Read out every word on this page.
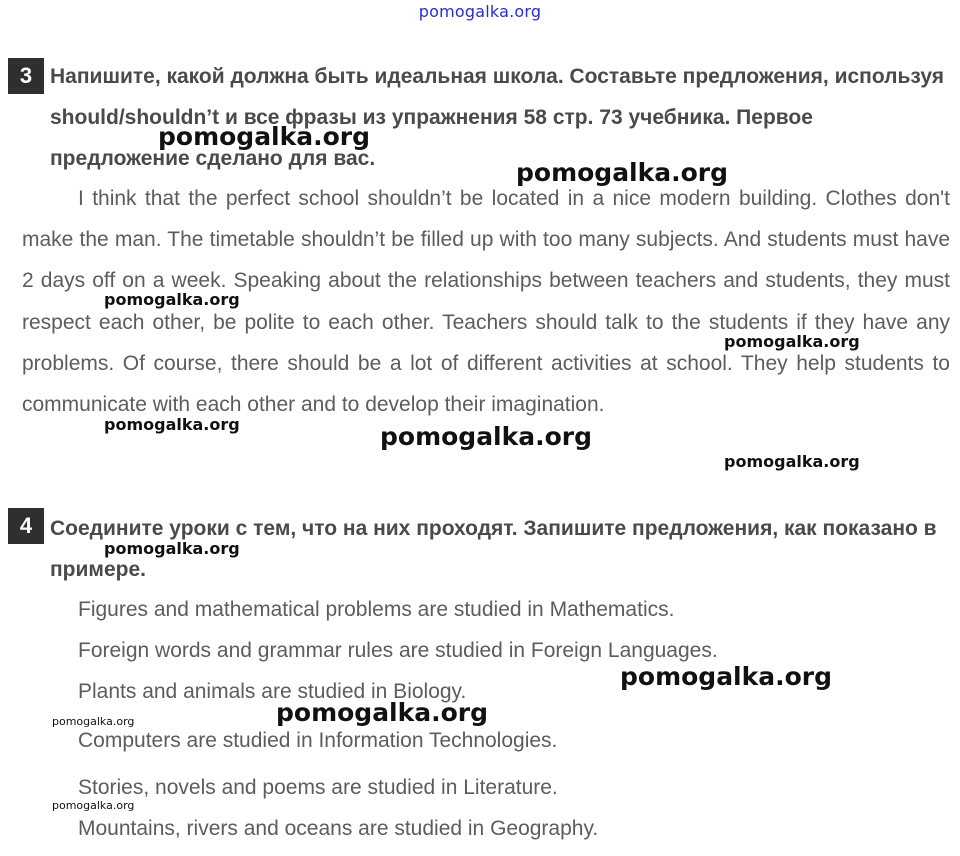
pomogalka.org
3 Напишите, какой должна быть идеальная школа. Составьте предложения, используя should/shouldn’t и все фразы из упражнения 58 стр. 73 учебника. Первое предложение сделано для вас.

I think that the perfect school shouldn’t be located in a nice modern building. Clothes don't make the man. The timetable shouldn’t be filled up with too many subjects. And students must have 2 days off on a week. Speaking about the relationships between teachers and students, they must respect each other, be polite to each other. Teachers should talk to the students if they have any problems. Of course, there should be a lot of different activities at school. They help students to communicate with each other and to develop their imagination.

4 Соедините уроки с тем, что на них проходят. Запишите предложения, как показано в примере.

Figures and mathematical problems are studied in Mathematics.
Foreign words and grammar rules are studied in Foreign Languages.
Plants and animals are studied in Biology.
Computers are studied in Information Technologies.
Stories, novels and poems are studied in Literature.
Mountains, rivers and oceans are studied in Geography.
pomogalka.org
pomogalka.org
pomogalka.org
pomogalka.org
pomogalka.org	pomogalka.org
pomogalka.org
pomogalka.org
pomogalka.org
pomogalka.org
pomogalka.org
pomogalka.org
